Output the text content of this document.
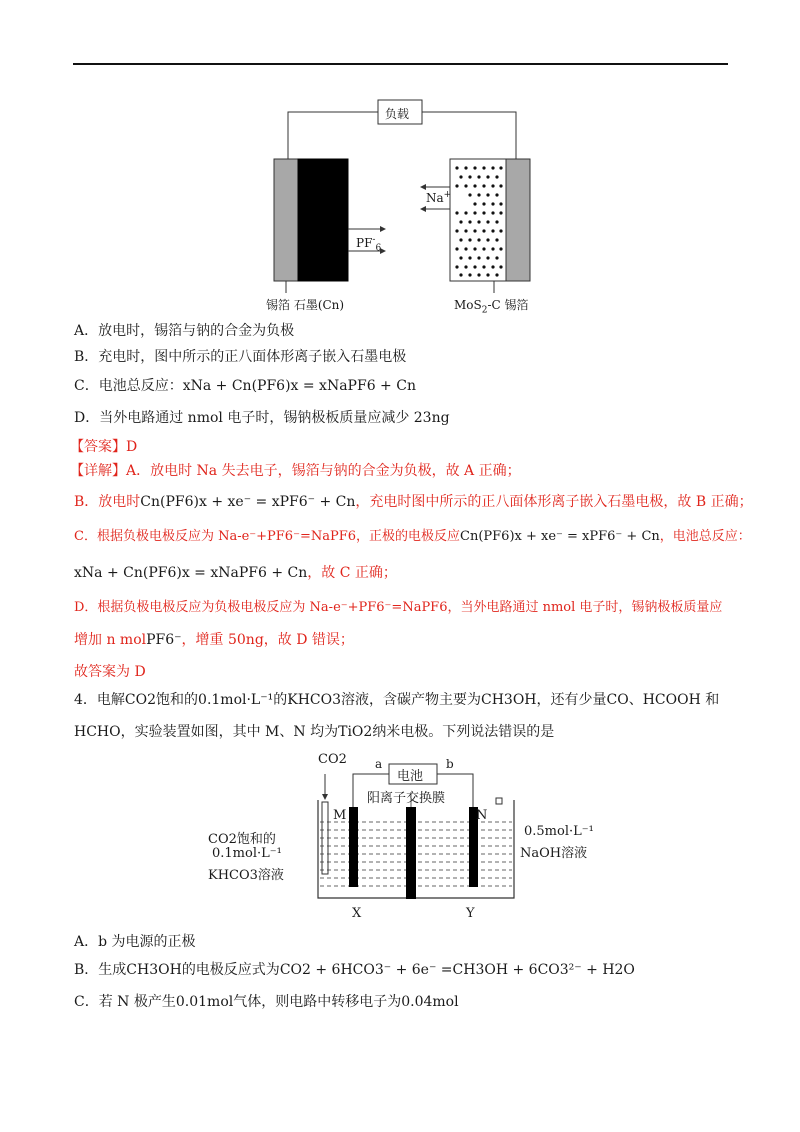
负载
$PF^-_6$
Na+
锡箔 石墨(Cn)	MoS$_2$-C 锡箔
A．放电时，锡箔与钠的合金为负极
B．充电时，图中所示的正八面体形离子嵌入石墨电极
C．电池总反应：xNa + Cn(PF6)x = xNaPF6 + Cn
D．当外电路通过 nmol 电子时，锡钠极板质量应减少 23ng
【答案】D
【详解】A．放电时 Na 失去电子，锡箔与钠的合金为负极，故 A 正确；
B．放电时Cn(PF6)x + xe⁻ = xPF6⁻ + Cn，充电时图中所示的正八面体形离子嵌入石墨电极，故 B 正确；
C．根据负极电极反应为 Na-e⁻+PF6⁻=NaPF6，正极的电极反应Cn(PF6)x + xe⁻ = xPF6⁻ + Cn，电池总反应：
xNa + Cn(PF6)x = xNaPF6 + Cn，故 C 正确；
D．根据负极电极反应为负极电极反应为 Na-e⁻+PF6⁻=NaPF6，当外电路通过 nmol 电子时，锡钠极板质量应
增加 n molPF6⁻，增重 50ng，故 D 错误；
故答案为 D
4．电解CO2饱和的0.1mol·L⁻¹的KHCO3溶液，含碳产物主要为CH3OH，还有少量CO、HCOOH 和
HCHO，实验装置如图，其中 M、N 均为TiO2纳米电极。下列说法错误的是
CO2 a	b
电池
阳离子交换膜
M	N
CO2饱和的
0.1mol·L⁻¹
KHCO3溶液
0.5mol·L⁻¹
NaOH溶液
X	Y
A．b 为电源的正极
B．生成CH3OH的电极反应式为CO2 + 6HCO3⁻ + 6e⁻ =CH3OH + 6CO3²⁻ + H2O
C．若 N 极产生0.01mol气体，则电路中转移电子为0.04mol
